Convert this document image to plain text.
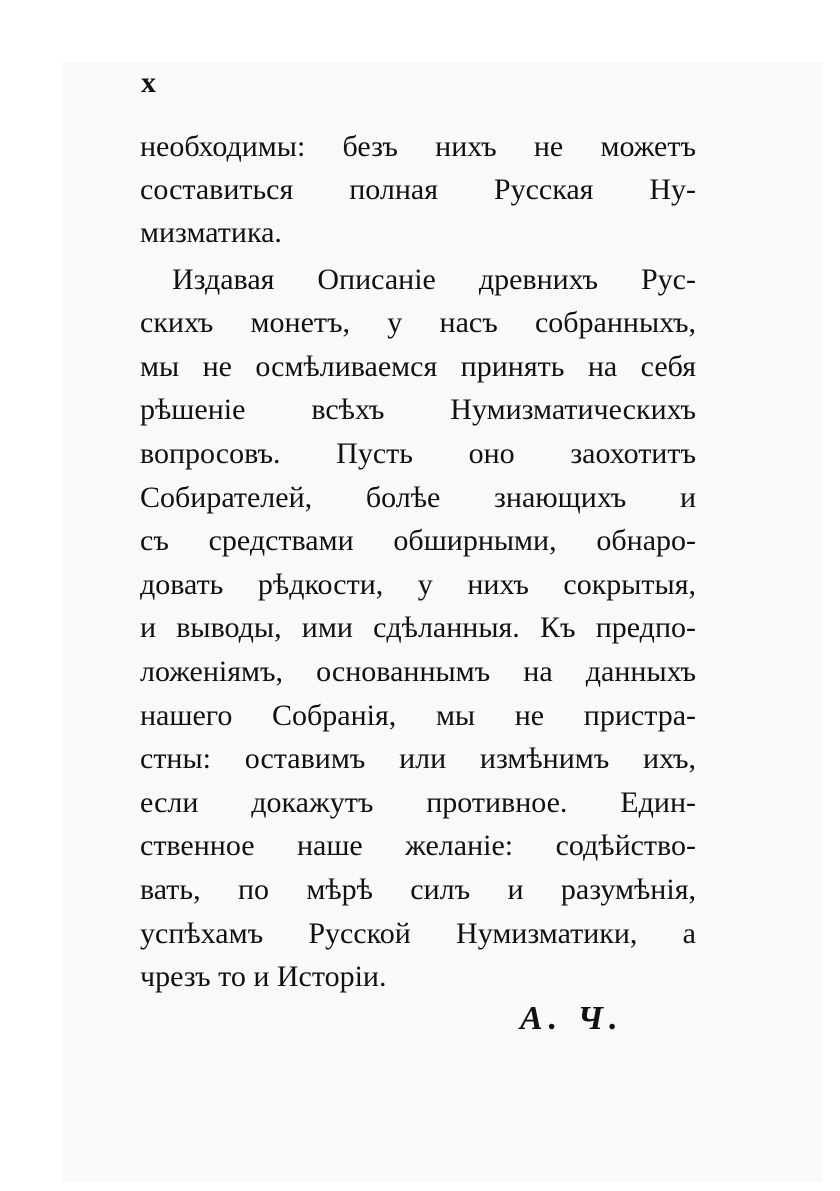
x
необходимы: безъ нихъ не можетъ
составиться полная Русская Ну-
мизматика.
Издавая Описаніе древнихъ Рус-
скихъ монетъ, у насъ собранныхъ,
мы не осмѣливаемся принять на себя
рѣшеніе всѣхъ Нумизматическихъ
вопросовъ. Пусть оно заохотитъ
Собирателей, болѣе знающихъ и
съ средствами обширными, обнаро-
довать рѣдкости, у нихъ сокрытыя,
и выводы, ими сдѣланныя. Къ предпо-
ложеніямъ, основаннымъ на данныхъ
нашего Собранія, мы не пристра-
стны: оставимъ или измѣнимъ ихъ,
если докажутъ противное. Един-
ственное наше желаніе: содѣйство-
вать, по мѣрѣ силъ и разумѣнія,
успѣхамъ Русской Нумизматики, а
чрезъ то и Исторіи.
А. Ч.
